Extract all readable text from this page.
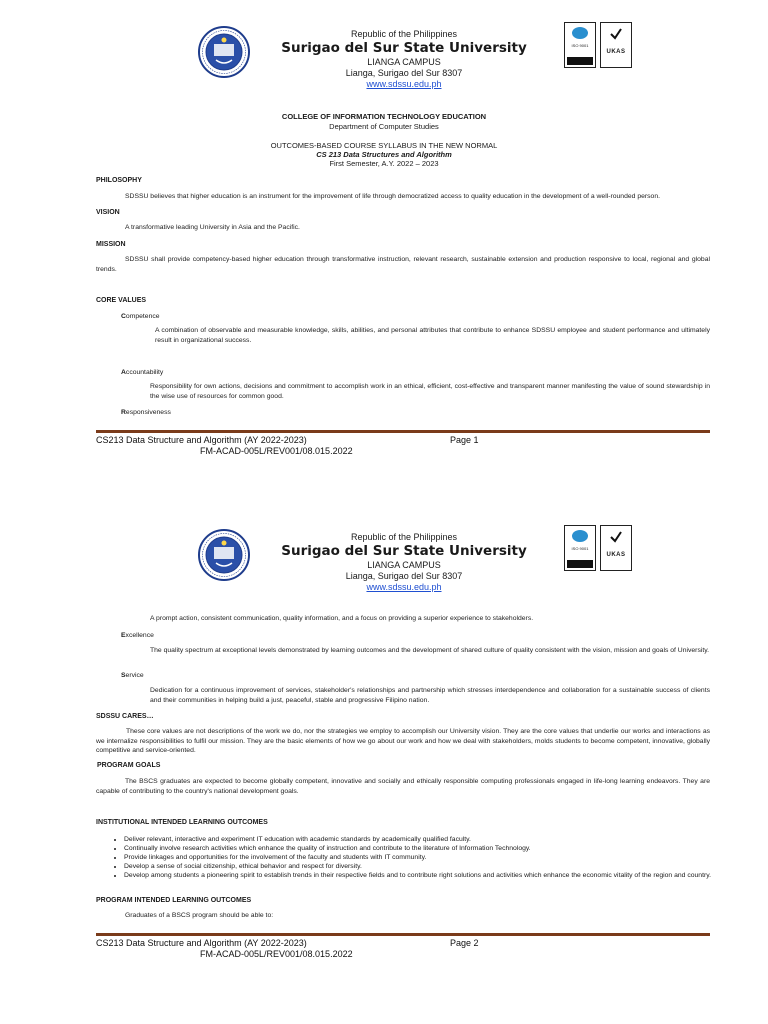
Republic of the Philippines
Surigao del Sur State University
LIANGA CAMPUS
Lianga, Surigao del Sur 8307
www.sdssu.edu.ph
ISO 9001
UKAS
COLLEGE OF INFORMATION TECHNOLOGY EDUCATION
Department of Computer Studies
OUTCOMES-BASED COURSE SYLLABUS IN THE NEW NORMAL
CS 213 Data Structures and Algorithm
First Semester, A.Y. 2022 – 2023
PHILOSOPHY
SDSSU believes that higher education is an instrument for the improvement of life through democratized access to quality education in the development of a well-rounded person.
VISION
A transformative leading University in Asia and the Pacific.
MISSION
SDSSU shall provide competency-based higher education through transformative instruction, relevant research, sustainable extension and production responsive to local, regional and global trends.
CORE VALUES
Competence
A combination of observable and measurable knowledge, skills, abilities, and personal attributes that contribute to enhance SDSSU employee and student performance and ultimately result in organizational success.
Accountability
Responsibility for own actions, decisions and commitment to accomplish work in an ethical, efficient, cost-effective and transparent manner manifesting the value of sound stewardship in the wise use of resources for common good.
Responsiveness
CS213 Data Structure and Algorithm (AY 2022-2023)	Page 1
FM-ACAD-005L/REV001/08.015.2022
Republic of the Philippines
Surigao del Sur State University
LIANGA CAMPUS
Lianga, Surigao del Sur 8307
www.sdssu.edu.ph
ISO 9001
UKAS
A prompt action, consistent communication, quality information, and a focus on providing a superior experience to stakeholders.
Excellence
The quality spectrum at exceptional levels demonstrated by learning outcomes and the development of shared culture of quality consistent with the vision, mission and goals of University.
Service
Dedication for a continuous improvement of services, stakeholder's relationships and partnership which stresses interdependence and collaboration for a sustainable success of clients and their communities in helping build a just, peaceful, stable and progressive Filipino nation.
SDSSU CARES…
These core values are not descriptions of the work we do, nor the strategies we employ to accomplish our University vision. They are the core values that underlie our works and interactions as we internalize responsibilities to fulfil our mission. They are the basic elements of how we go about our work and how we deal with stakeholders, molds students to become competent, innovative, globally competitive and service-oriented.
PROGRAM GOALS
The BSCS graduates are expected to become globally competent, innovative and socially and ethically responsible computing professionals engaged in life-long learning endeavors. They are capable of contributing to the country's national development goals.
INSTITUTIONAL INTENDED LEARNING OUTCOMES
• Deliver relevant, interactive and experiment IT education with academic standards by academically qualified faculty.
• Continually involve research activities which enhance the quality of instruction and contribute to the literature of Information Technology.
• Provide linkages and opportunities for the involvement of the faculty and students with IT community.
• Develop a sense of social citizenship, ethical behavior and respect for diversity.
• Develop among students a pioneering spirit to establish trends in their respective fields and to contribute right solutions and activities which enhance the economic vitality of the region and country.
PROGRAM INTENDED LEARNING OUTCOMES
Graduates of a BSCS program should be able to:
CS213 Data Structure and Algorithm (AY 2022-2023)	Page 2
FM-ACAD-005L/REV001/08.015.2022
